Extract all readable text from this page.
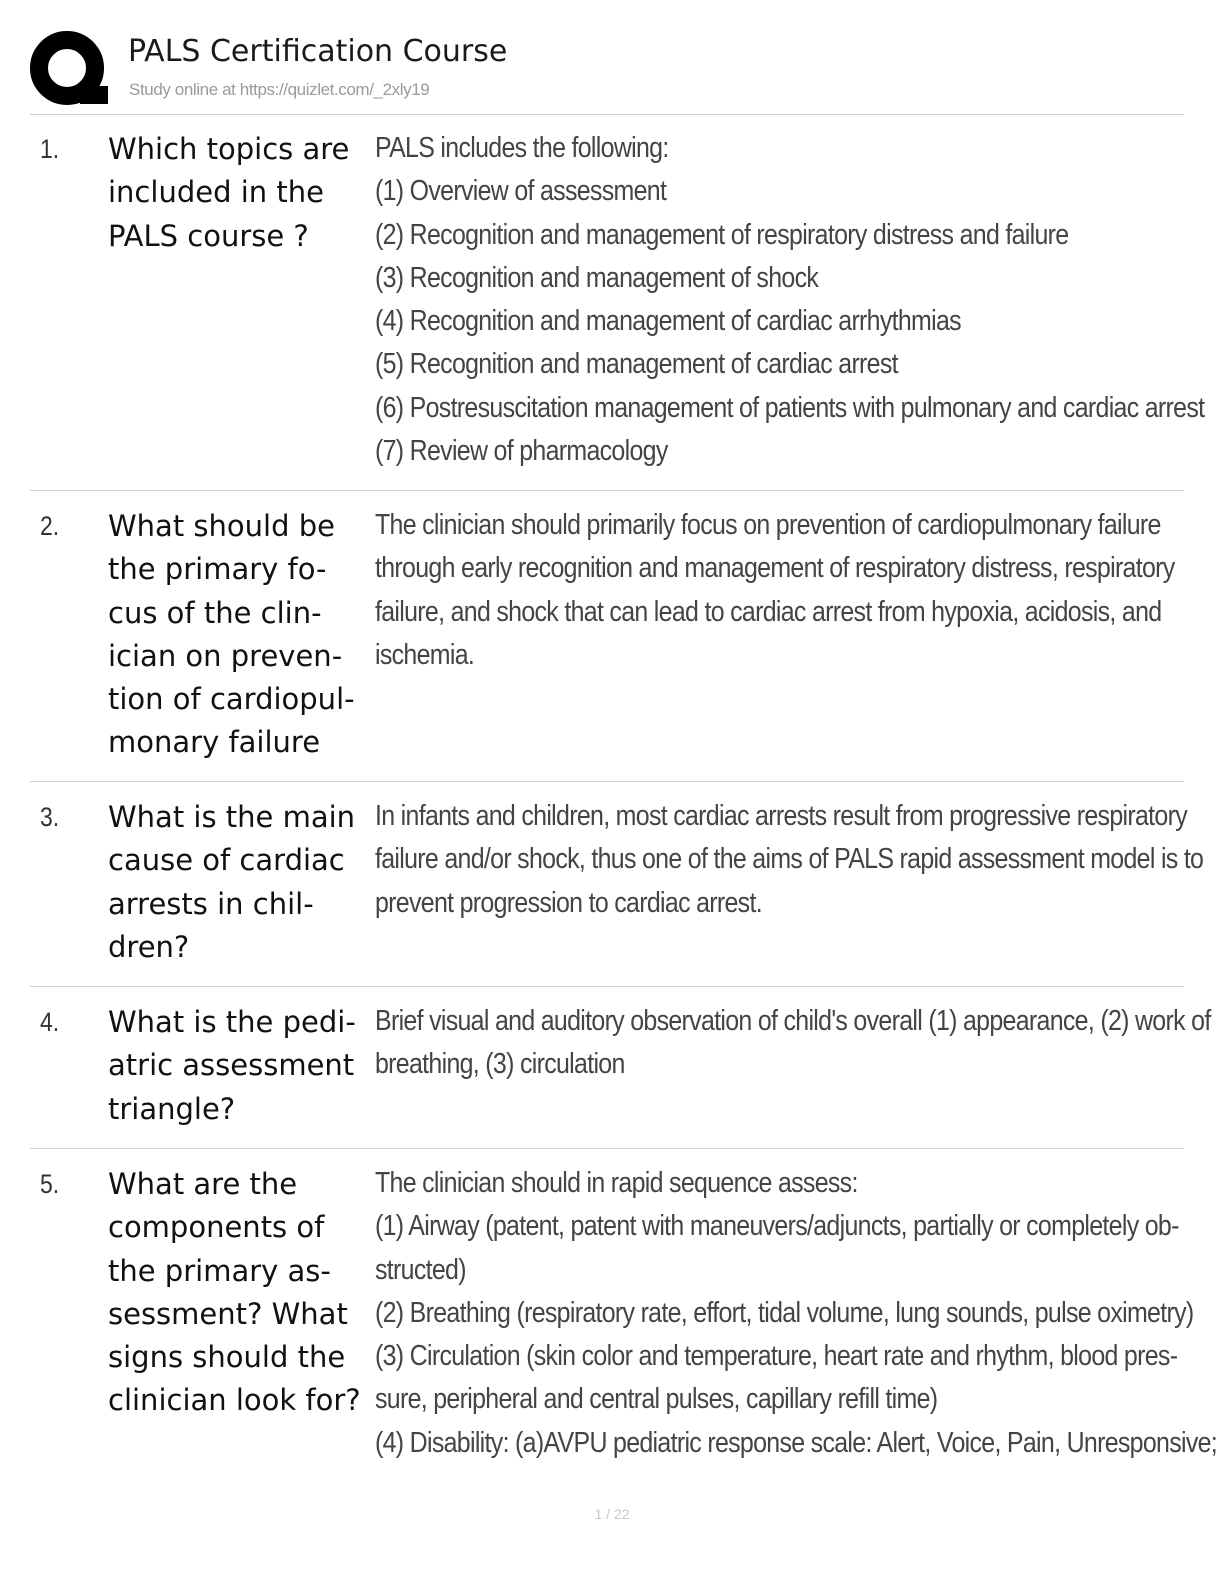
PALS Certification Course
Study online at https://quizlet.com/_2xly19
1. Which topics are
included in the
PALS course ?
PALS includes the following:
(1) Overview of assessment
(2) Recognition and management of respiratory distress and failure
(3) Recognition and management of shock
(4) Recognition and management of cardiac arrhythmias
(5) Recognition and management of cardiac arrest
(6) Postresuscitation management of patients with pulmonary and cardiac arrest
(7) Review of pharmacology
2. What should be
the primary fo-
cus of the clin-
ician on preven-
tion of cardiopul-
monary failure
The clinician should primarily focus on prevention of cardiopulmonary failure
through early recognition and management of respiratory distress, respiratory
failure, and shock that can lead to cardiac arrest from hypoxia, acidosis, and
ischemia.
3. What is the main
cause of cardiac
arrests in chil-
dren?
In infants and children, most cardiac arrests result from progressive respiratory
failure and/or shock, thus one of the aims of PALS rapid assessment model is to
prevent progression to cardiac arrest.
4. What is the pedi-
atric assessment
triangle?
Brief visual and auditory observation of child's overall (1) appearance, (2) work of
breathing, (3) circulation
5. What are the
components of
the primary as-
sessment? What
signs should the
clinician look for?
The clinician should in rapid sequence assess:
(1) Airway (patent, patent with maneuvers/adjuncts, partially or completely ob-
structed)
(2) Breathing (respiratory rate, effort, tidal volume, lung sounds, pulse oximetry)
(3) Circulation (skin color and temperature, heart rate and rhythm, blood pres-
sure, peripheral and central pulses, capillary refill time)
(4) Disability: (a)AVPU pediatric response scale: Alert, Voice, Pain, Unresponsive;
1 / 22
